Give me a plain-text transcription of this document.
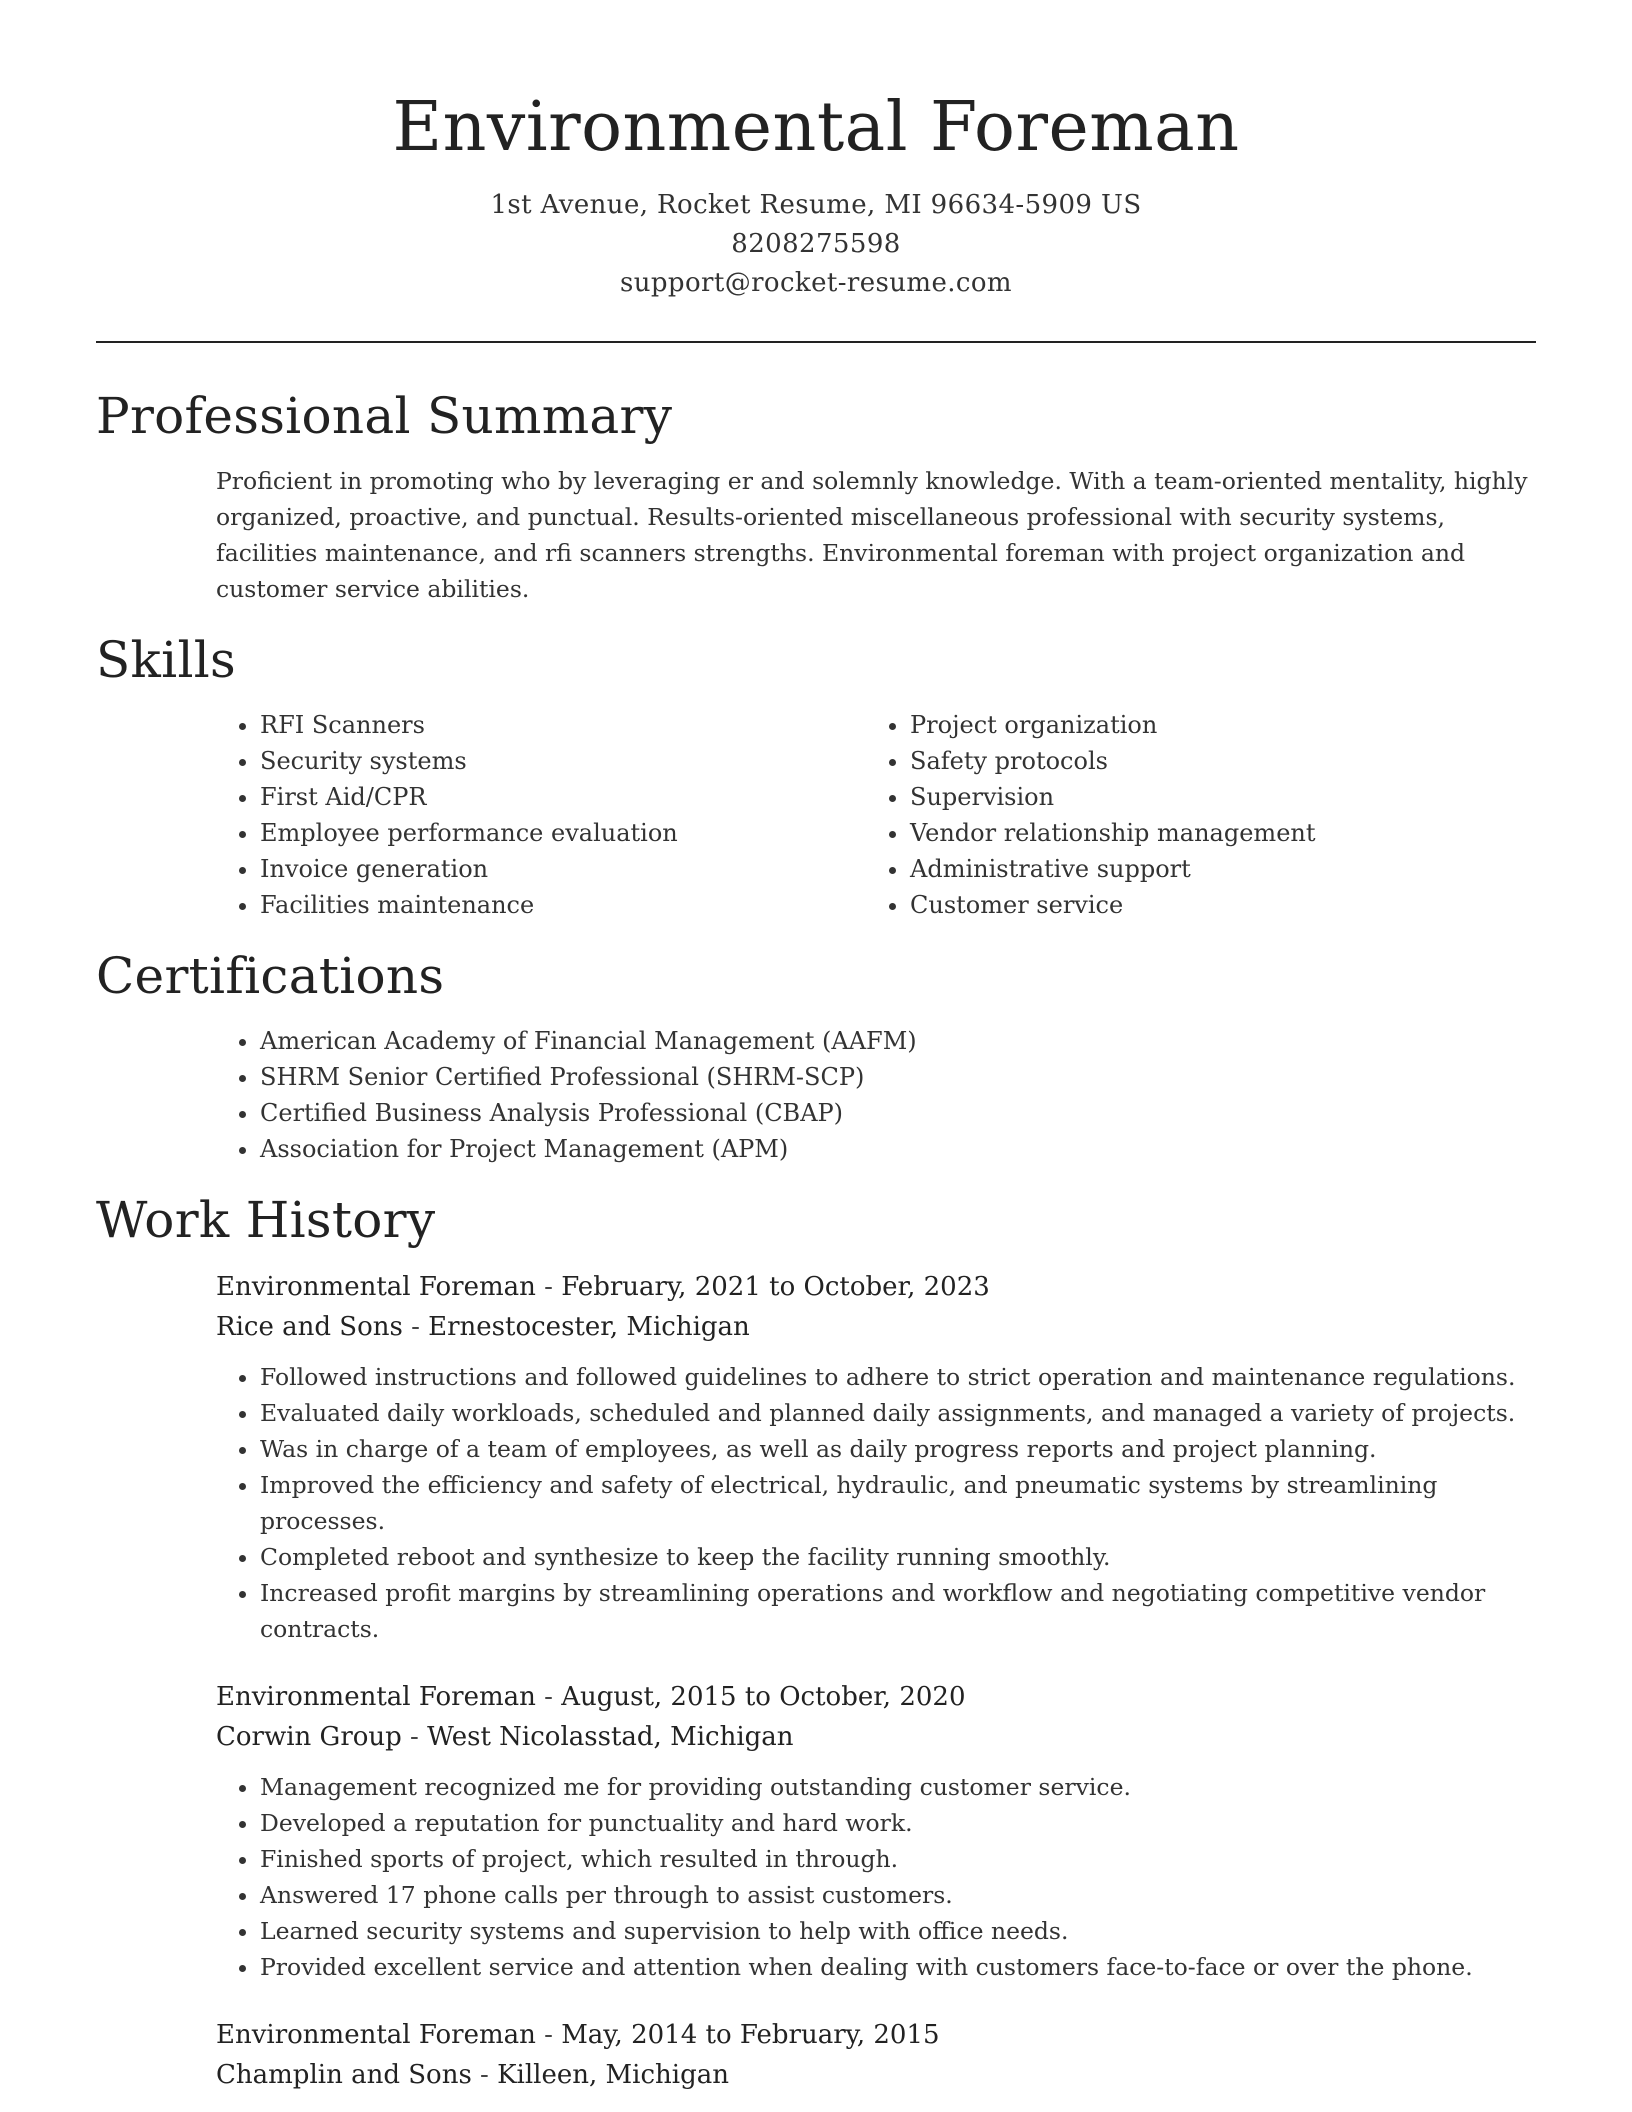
Environmental Foreman
1st Avenue, Rocket Resume, MI 96634-5909 US
8208275598
support@rocket-resume.com
Professional Summary

Proficient in promoting who by leveraging er and solemnly knowledge. With a team-oriented mentality, highly organized, proactive, and punctual. Results-oriented miscellaneous professional with security systems, facilities maintenance, and rfi scanners strengths. Environmental foreman with project organization and customer service abilities.

Skills
• RFI Scanners
• Security systems
• First Aid/CPR
• Employee performance evaluation
• Invoice generation
• Facilities maintenance
• Project organization
• Safety protocols
• Supervision
• Vendor relationship management
• Administrative support
• Customer service
Certifications
• American Academy of Financial Management (AAFM)
• SHRM Senior Certified Professional (SHRM-SCP)
• Certified Business Analysis Professional (CBAP)
• Association for Project Management (APM)
Work History
Environmental Foreman - February, 2021 to October, 2023
Rice and Sons - Ernestocester, Michigan
• Followed instructions and followed guidelines to adhere to strict operation and maintenance regulations.
• Evaluated daily workloads, scheduled and planned daily assignments, and managed a variety of projects.
• Was in charge of a team of employees, as well as daily progress reports and project planning.
• Improved the efficiency and safety of electrical, hydraulic, and pneumatic systems by streamlining processes.
• Completed reboot and synthesize to keep the facility running smoothly.
• Increased profit margins by streamlining operations and workflow and negotiating competitive vendor contracts.
Environmental Foreman - August, 2015 to October, 2020
Corwin Group - West Nicolasstad, Michigan
• Management recognized me for providing outstanding customer service.
• Developed a reputation for punctuality and hard work.
• Finished sports of project, which resulted in through.
• Answered 17 phone calls per through to assist customers.
• Learned security systems and supervision to help with office needs.
• Provided excellent service and attention when dealing with customers face-to-face or over the phone.
Environmental Foreman - May, 2014 to February, 2015
Champlin and Sons - Killeen, Michigan
